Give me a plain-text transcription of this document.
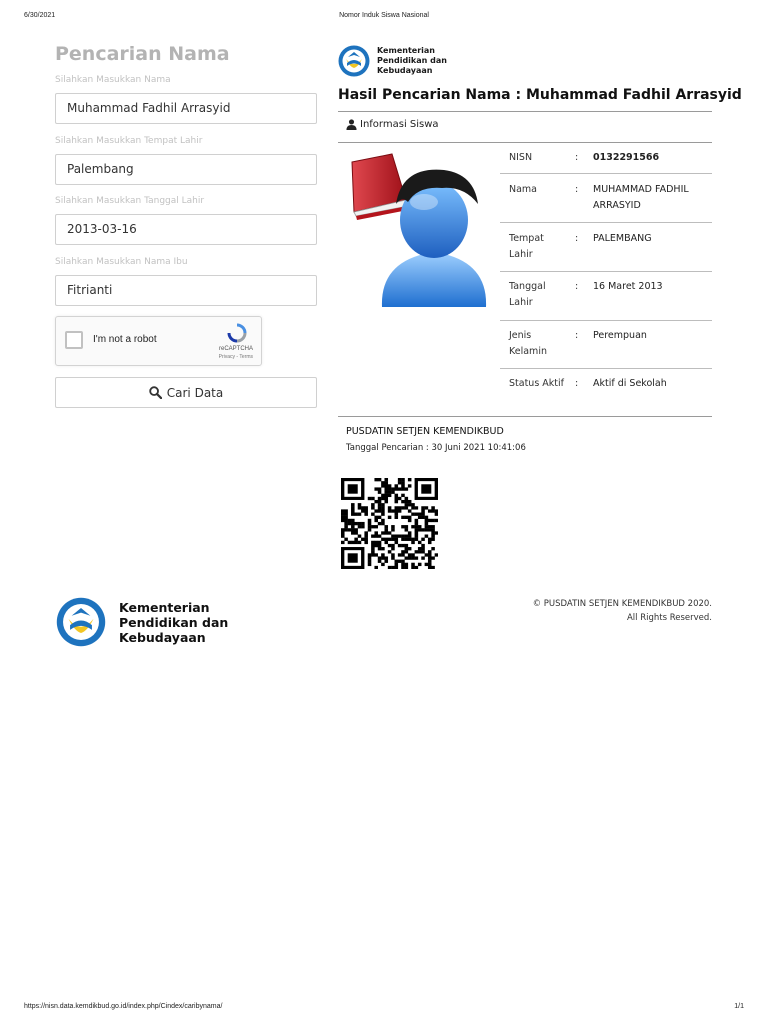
6/30/2021	Nomor Induk Siswa Nasional
https://nisn.data.kemdikbud.go.id/index.php/Cindex/caribynama/	1/1
Pencarian Nama
Silahkan Masukkan Nama
Muhammad Fadhil Arrasyid
Silahkan Masukkan Tempat Lahir
Palembang
Silahkan Masukkan Tanggal Lahir
2013-03-16
Silahkan Masukkan Nama Ibu
Fitrianti
I'm not a robot
reCAPTCHA
Privacy - Terms
Cari Data
Kementerian
Pendidikan dan
Kebudayaan
Hasil Pencarian Nama : Muhammad Fadhil Arrasyid
Informasi Siswa
NISN	: 0132291566
Nama	: MUHAMMAD FADHIL ARRASYID
Tempat Lahir
: PALEMBANG
Tanggal Lahir
: 16 Maret 2013
Jenis Kelamin
: Perempuan
Status Aktif	: Aktif di Sekolah
PUSDATIN SETJEN KEMENDIKBUD
Tanggal Pencarian : 30 Juni 2021 10:41:06
Kementerian
Pendidikan dan
Kebudayaan
© PUSDATIN SETJEN KEMENDIKBUD 2020.
All Rights Reserved.
